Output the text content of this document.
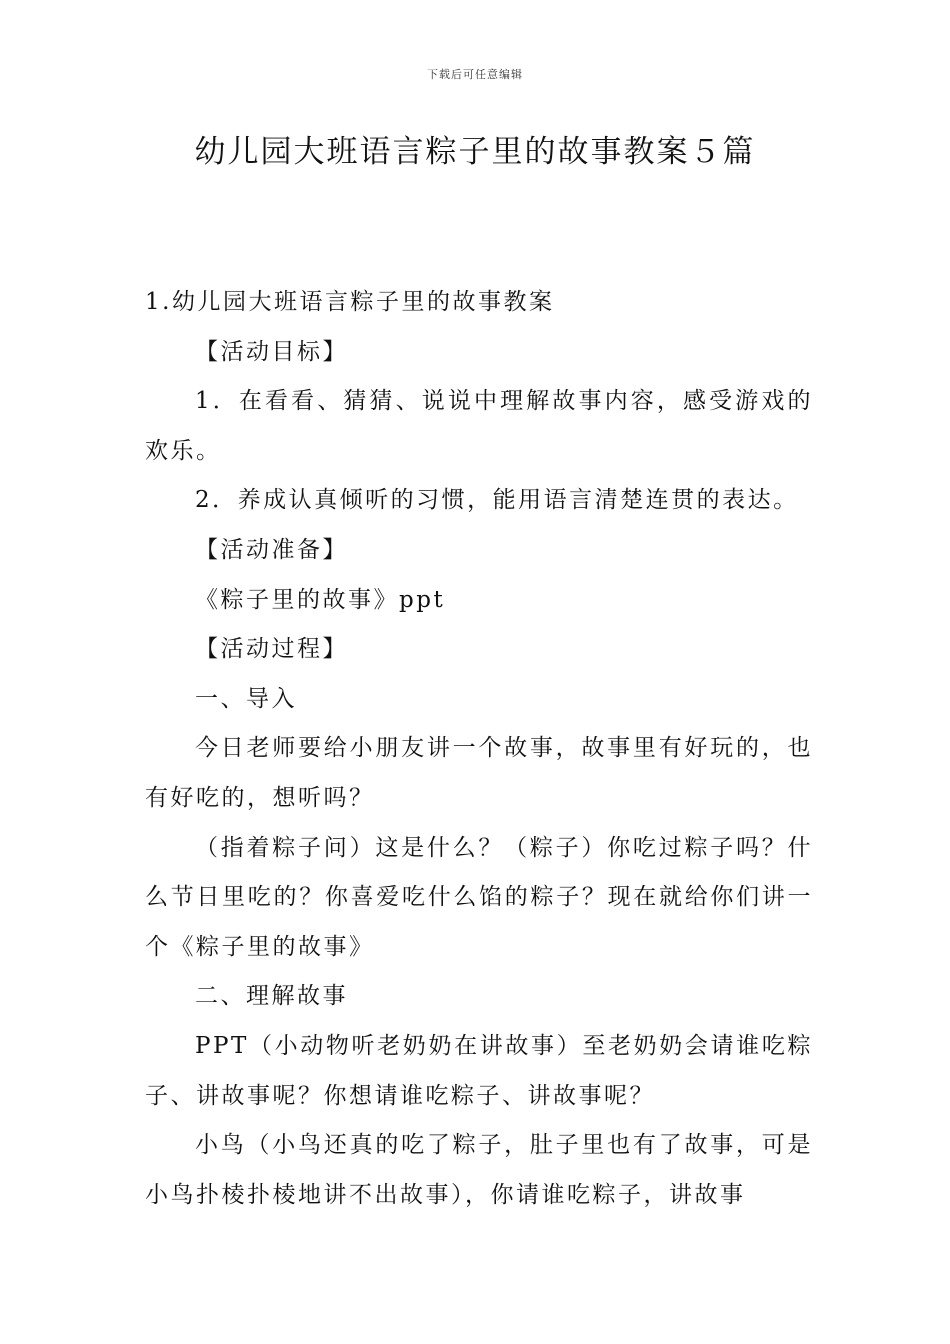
下载后可任意编辑
幼儿园大班语言粽子里的故事教案５篇

1.幼儿园大班语言粽子里的故事教案

【活动目标】

1．在看看、猜猜、说说中理解故事内容，感受游戏的欢乐。

2．养成认真倾听的习惯，能用语言清楚连贯的表达。

【活动准备】

《粽子里的故事》ppt

【活动过程】

一、导入

今日老师要给小朋友讲一个故事，故事里有好玩的，也有好吃的，想听吗？

（指着粽子问）这是什么？（粽子）你吃过粽子吗？什么节日里吃的？你喜爱吃什么馅的粽子？现在就给你们讲一个《粽子里的故事》

二、理解故事

PPT（小动物听老奶奶在讲故事）至老奶奶会请谁吃粽子、讲故事呢？你想请谁吃粽子、讲故事呢？

小鸟（小鸟还真的吃了粽子，肚子里也有了故事，可是小鸟扑棱扑棱地讲不出故事），你请谁吃粽子，讲故事
